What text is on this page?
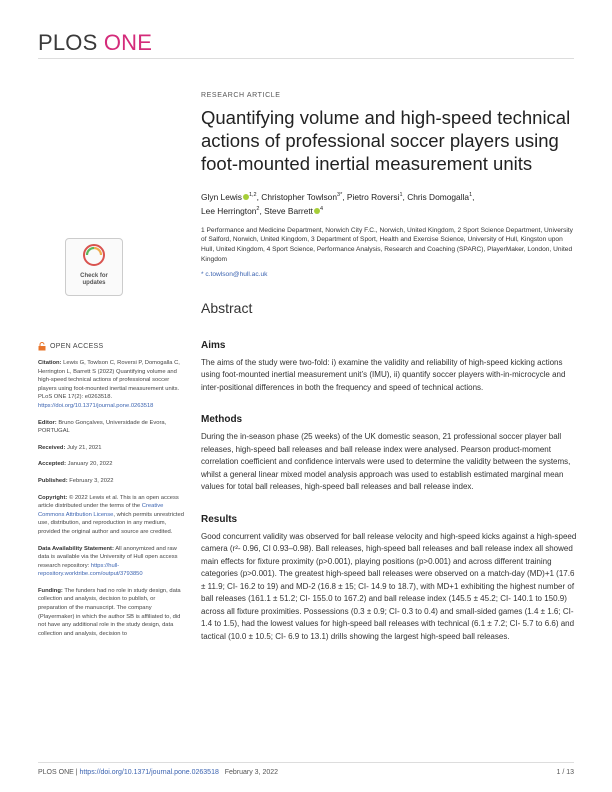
PLOS ONE
Check for
updates
OPEN ACCESS
Citation: Lewis G, Towlson C, Roversi P, Domogalla C, Herrington L, Barrett S (2022) Quantifying volume and high-speed technical actions of professional soccer players using foot-mounted inertial measurement units. PLoS ONE 17(2): e0263518. https://doi.org/10.1371/journal.pone.0263518
Editor: Bruno Gonçalves, Universidade de Evora, PORTUGAL
Received: July 21, 2021
Accepted: January 20, 2022
Published: February 3, 2022
Copyright: © 2022 Lewis et al. This is an open access article distributed under the terms of the Creative Commons Attribution License, which permits unrestricted use, distribution, and reproduction in any medium, provided the original author and source are credited.
Data Availability Statement: All anonymized and raw data is available via the University of Hull open access research repository: https://hull-repository.worktribe.com/output/3793850
Funding: The funders had no role in study design, data collection and analysis, decision to publish, or preparation of the manuscript. The company (Playermaker) in which the author SB is affiliated to, did not have any additional role in the study design, data collection and analysis, decision to
RESEARCH ARTICLE
Quantifying volume and high-speed technical actions of professional soccer players using foot-mounted inertial measurement units
Glyn Lewis $^{1,2}$, Christopher Towlson$^{3*}$, Pietro Roversi$^1$, Chris Domogalla$^1$,
Lee Herrington$^2$, Steve Barrett $^4$
1 Performance and Medicine Department, Norwich City F.C., Norwich, United Kingdom, 2 Sport Science Department, University of Salford, Norwich, United Kingdom, 3 Department of Sport, Health and Exercise Science, University of Hull, Kingston upon Hull, United Kingdom, 4 Sport Science, Performance Analysis, Research and Coaching (SPARC), PlayerMaker, London, United Kingdom
* c.towlson@hull.ac.uk
Abstract
Aims
The aims of the study were two-fold: i) examine the validity and reliability of high-speed kicking actions using foot-mounted inertial measurement unit’s (IMU), ii) quantify soccer players with-in-microcycle and inter-positional differences in both the frequency and speed of technical actions.
Methods
During the in-season phase (25 weeks) of the UK domestic season, 21 professional soccer player ball releases, high-speed ball releases and ball release index were analysed. Pearson product-moment correlation coefficient and confidence intervals were used to determine the validity between the systems, whilst a general linear mixed model analysis approach was used to establish estimated marginal mean values for total ball releases, high-speed ball releases and ball release index.
Results
Good concurrent validity was observed for ball release velocity and high-speed kicks against a high-speed camera (r²- 0.96, CI 0.93–0.98). Ball releases, high-speed ball releases and ball release index all showed main effects for fixture proximity (p>0.001), playing positions (p>0.001) and across different training categories (p>0.001). The greatest high-speed ball releases were observed on a match-day (MD)+1 (17.6 ± 11.9; CI- 16.2 to 19) and MD-2 (16.8 ± 15; CI- 14.9 to 18.7), with MD+1 exhibiting the highest number of ball releases (161.1 ± 51.2; CI- 155.0 to 167.2) and ball release index (145.5 ± 45.2; CI- 140.1 to 150.9) across all fixture proximities. Possessions (0.3 ± 0.9; CI- 0.3 to 0.4) and small-sided games (1.4 ± 1.6; CI- 1.4 to 1.5), had the lowest values for high-speed ball releases with technical (6.1 ± 7.2; CI- 5.7 to 6.6) and tactical (10.0 ± 10.5; CI- 6.9 to 13.1) drills showing the largest high-speed ball releases.
PLOS ONE | https://doi.org/10.1371/journal.pone.0263518 February 3, 2022	1 / 13
